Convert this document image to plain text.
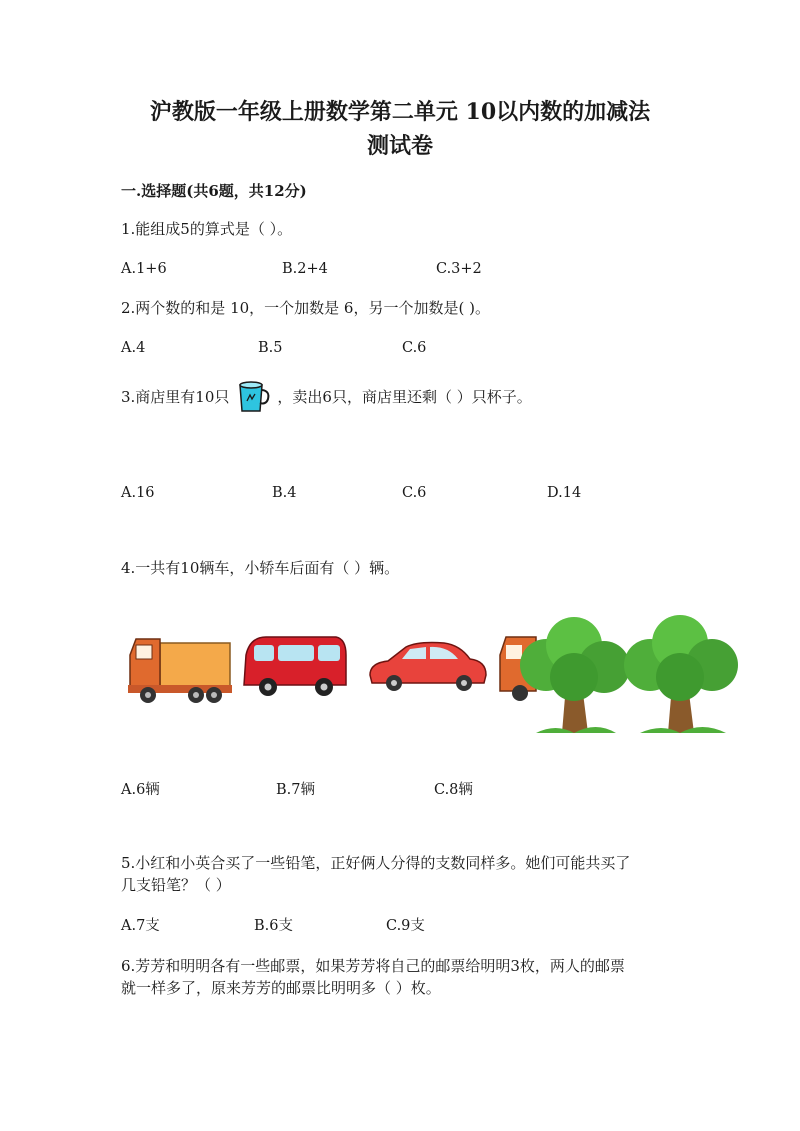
沪教版一年级上册数学第二单元 10以内数的加减法
测试卷
一.选择题(共6题，共12分)
1.能组成5的算式是（ ）。
A.1+6	B.2+4	C.3+2
2.两个数的和是 10，一个加数是 6，另一个加数是( )。
A.4	B.5	C.6
3.商店里有10只	，卖出6只，商店里还剩（ ）只杯子。
A.16	B.4	C.6	D.14
4.一共有10辆车，小轿车后面有（ ）辆。
A.6辆	B.7辆	C.8辆
5.小红和小英合买了一些铅笔，正好俩人分得的支数同样多。她们可能共买了
几支铅笔？（ ）
A.7支	B.6支	C.9支
6.芳芳和明明各有一些邮票，如果芳芳将自己的邮票给明明3枚，两人的邮票
就一样多了，原来芳芳的邮票比明明多（ ）枚。
